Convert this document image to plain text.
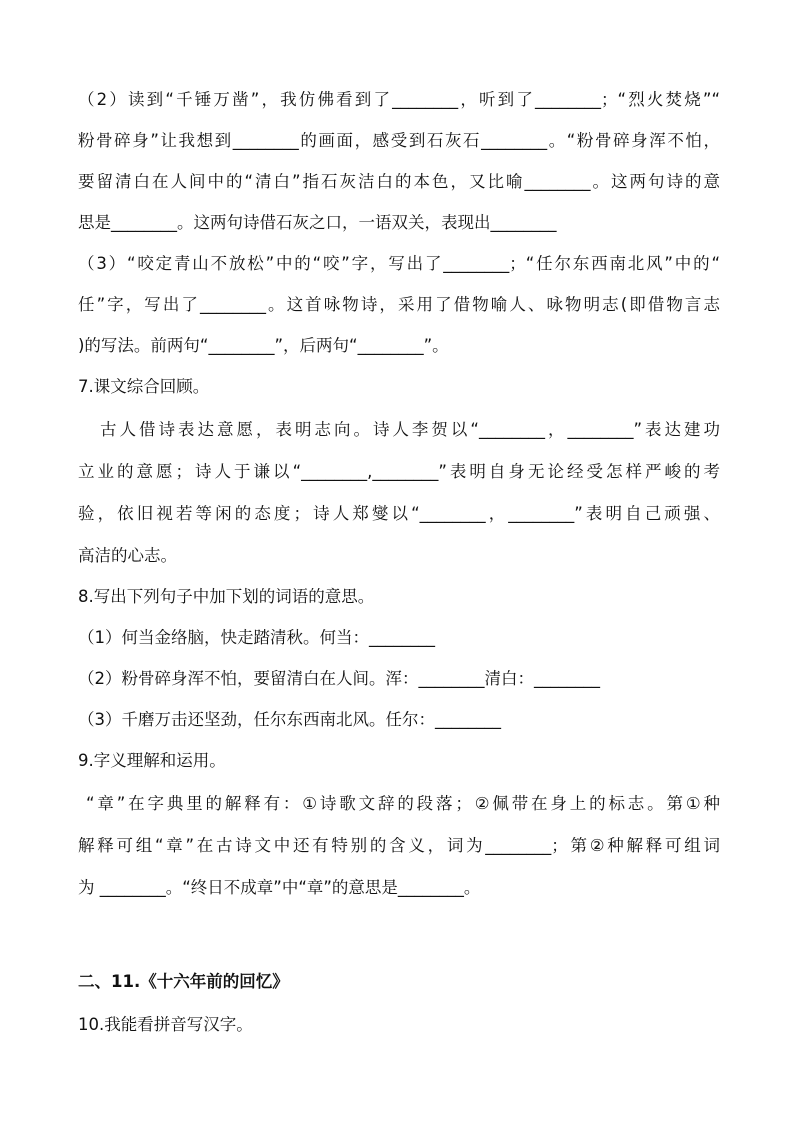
（2）读到“千锤万凿”，我仿佛看到了________，听到了________；“烈火焚烧”“
粉骨碎身”让我想到________的画面，感受到石灰石________。“粉骨碎身浑不怕，
要留清白在人间中的“清白”指石灰洁白的本色，又比喻________。这两句诗的意
思是________。这两句诗借石灰之口，一语双关，表现出________
（3）“咬定青山不放松”中的“咬”字，写出了________；“任尔东西南北风”中的“
任”字，写出了________。这首咏物诗，采用了借物喻人、咏物明志(即借物言志
)的写法。前两句“________”，后两句“________”。
7.课文综合回顾。
古人借诗表达意愿，表明志向。诗人李贺以“________，________”表达建功
立业的意愿；诗人于谦以“________,________”表明自身无论经受怎样严峻的考
验，依旧视若等闲的态度；诗人郑燮以“________，________”表明自己顽强、
高洁的心志。
8.写出下列句子中加下划的词语的意思。
（1）何当金络脑，快走踏清秋。何当：________
（2）粉骨碎身浑不怕，要留清白在人间。浑：________清白：________
（3）千磨万击还坚劲，任尔东西南北风。任尔：________
9.字义理解和运用。
“章”在字典里的解释有：①诗歌文辞的段落；②佩带在身上的标志。第①种
解释可组“章”在古诗文中还有特别的含义，词为________；第②种解释可组词
为 ________。“终日不成章”中“章”的意思是________。
二、11.《十六年前的回忆》
10.我能看拼音写汉字。
